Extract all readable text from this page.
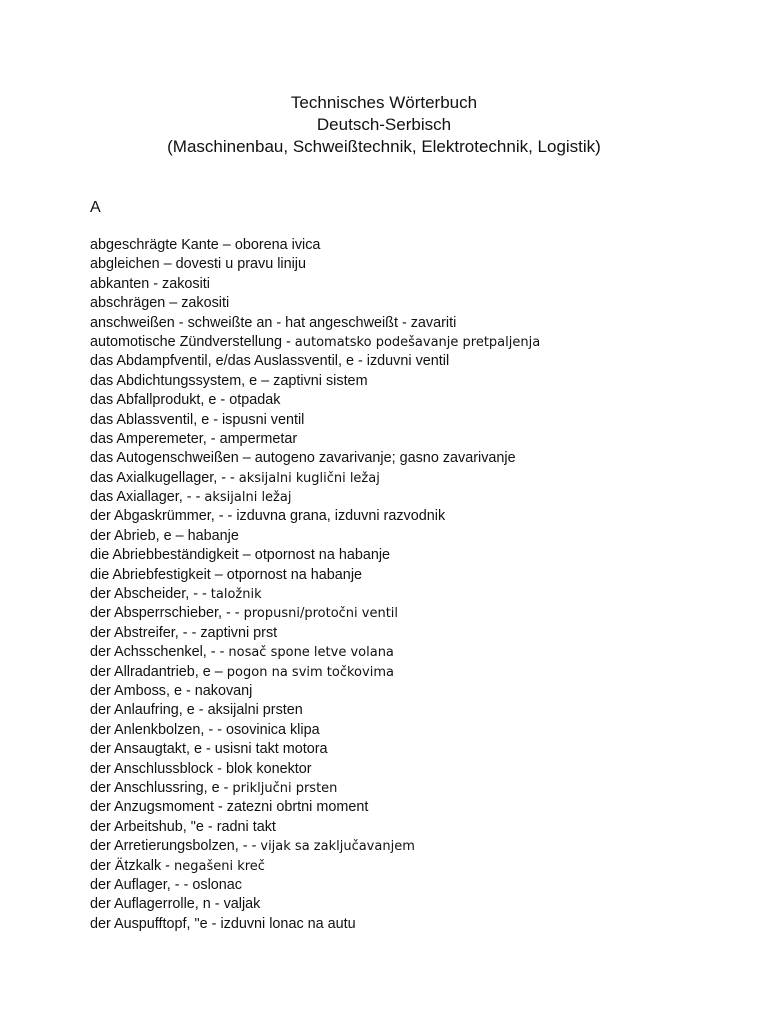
Technisches Wörterbuch
Deutsch-Serbisch
(Maschinenbau, Schweißtechnik, Elektrotechnik, Logistik)
A
abgeschrägte Kante – oborena ivica
abgleichen – dovesti u pravu liniju
abkanten - zakositi
abschrägen – zakositi
anschweißen - schweißte an - hat angeschweißt - zavariti
automotische Zündverstellung - automatsko podešavanje pretpaljenja
das Abdampfventil, e/das Auslassventil, e - izduvni ventil
das Abdichtungssystem, e – zaptivni sistem
das Abfallprodukt, e - otpadak
das Ablassventil, e - ispusni ventil
das Amperemeter, - ampermetar
das Autogenschweißen – autogeno zavarivanje; gasno zavarivanje
das Axialkugellager, - - aksijalni kuglični ležaj
das Axiallager, - - aksijalni ležaj
der Abgaskrümmer, - - izduvna grana, izduvni razvodnik
der Abrieb, e – habanje
die Abriebbeständigkeit – otpornost na habanje
die Abriebfestigkeit – otpornost na habanje
der Abscheider, - - taložnik
der Absperrschieber, - - propusni/protočni ventil
der Abstreifer, - - zaptivni prst
der Achsschenkel, - - nosač spone letve volana
der Allradantrieb, e – pogon na svim točkovima
der Amboss, e - nakovanj
der Anlaufring, e - aksijalni prsten
der Anlenkbolzen, - - osovinica klipa
der Ansaugtakt, e - usisni takt motora
der Anschlussblock - blok konektor
der Anschlussring, e - priključni prsten
der Anzugsmoment - zatezni obrtni moment
der Arbeitshub, "e - radni takt
der Arretierungsbolzen, - - vijak sa zaključavanjem
der Ätzkalk - negašeni kreč
der Auflager, - - oslonac
der Auflagerrolle, n - valjak
der Auspufftopf, "e - izduvni lonac na autu
